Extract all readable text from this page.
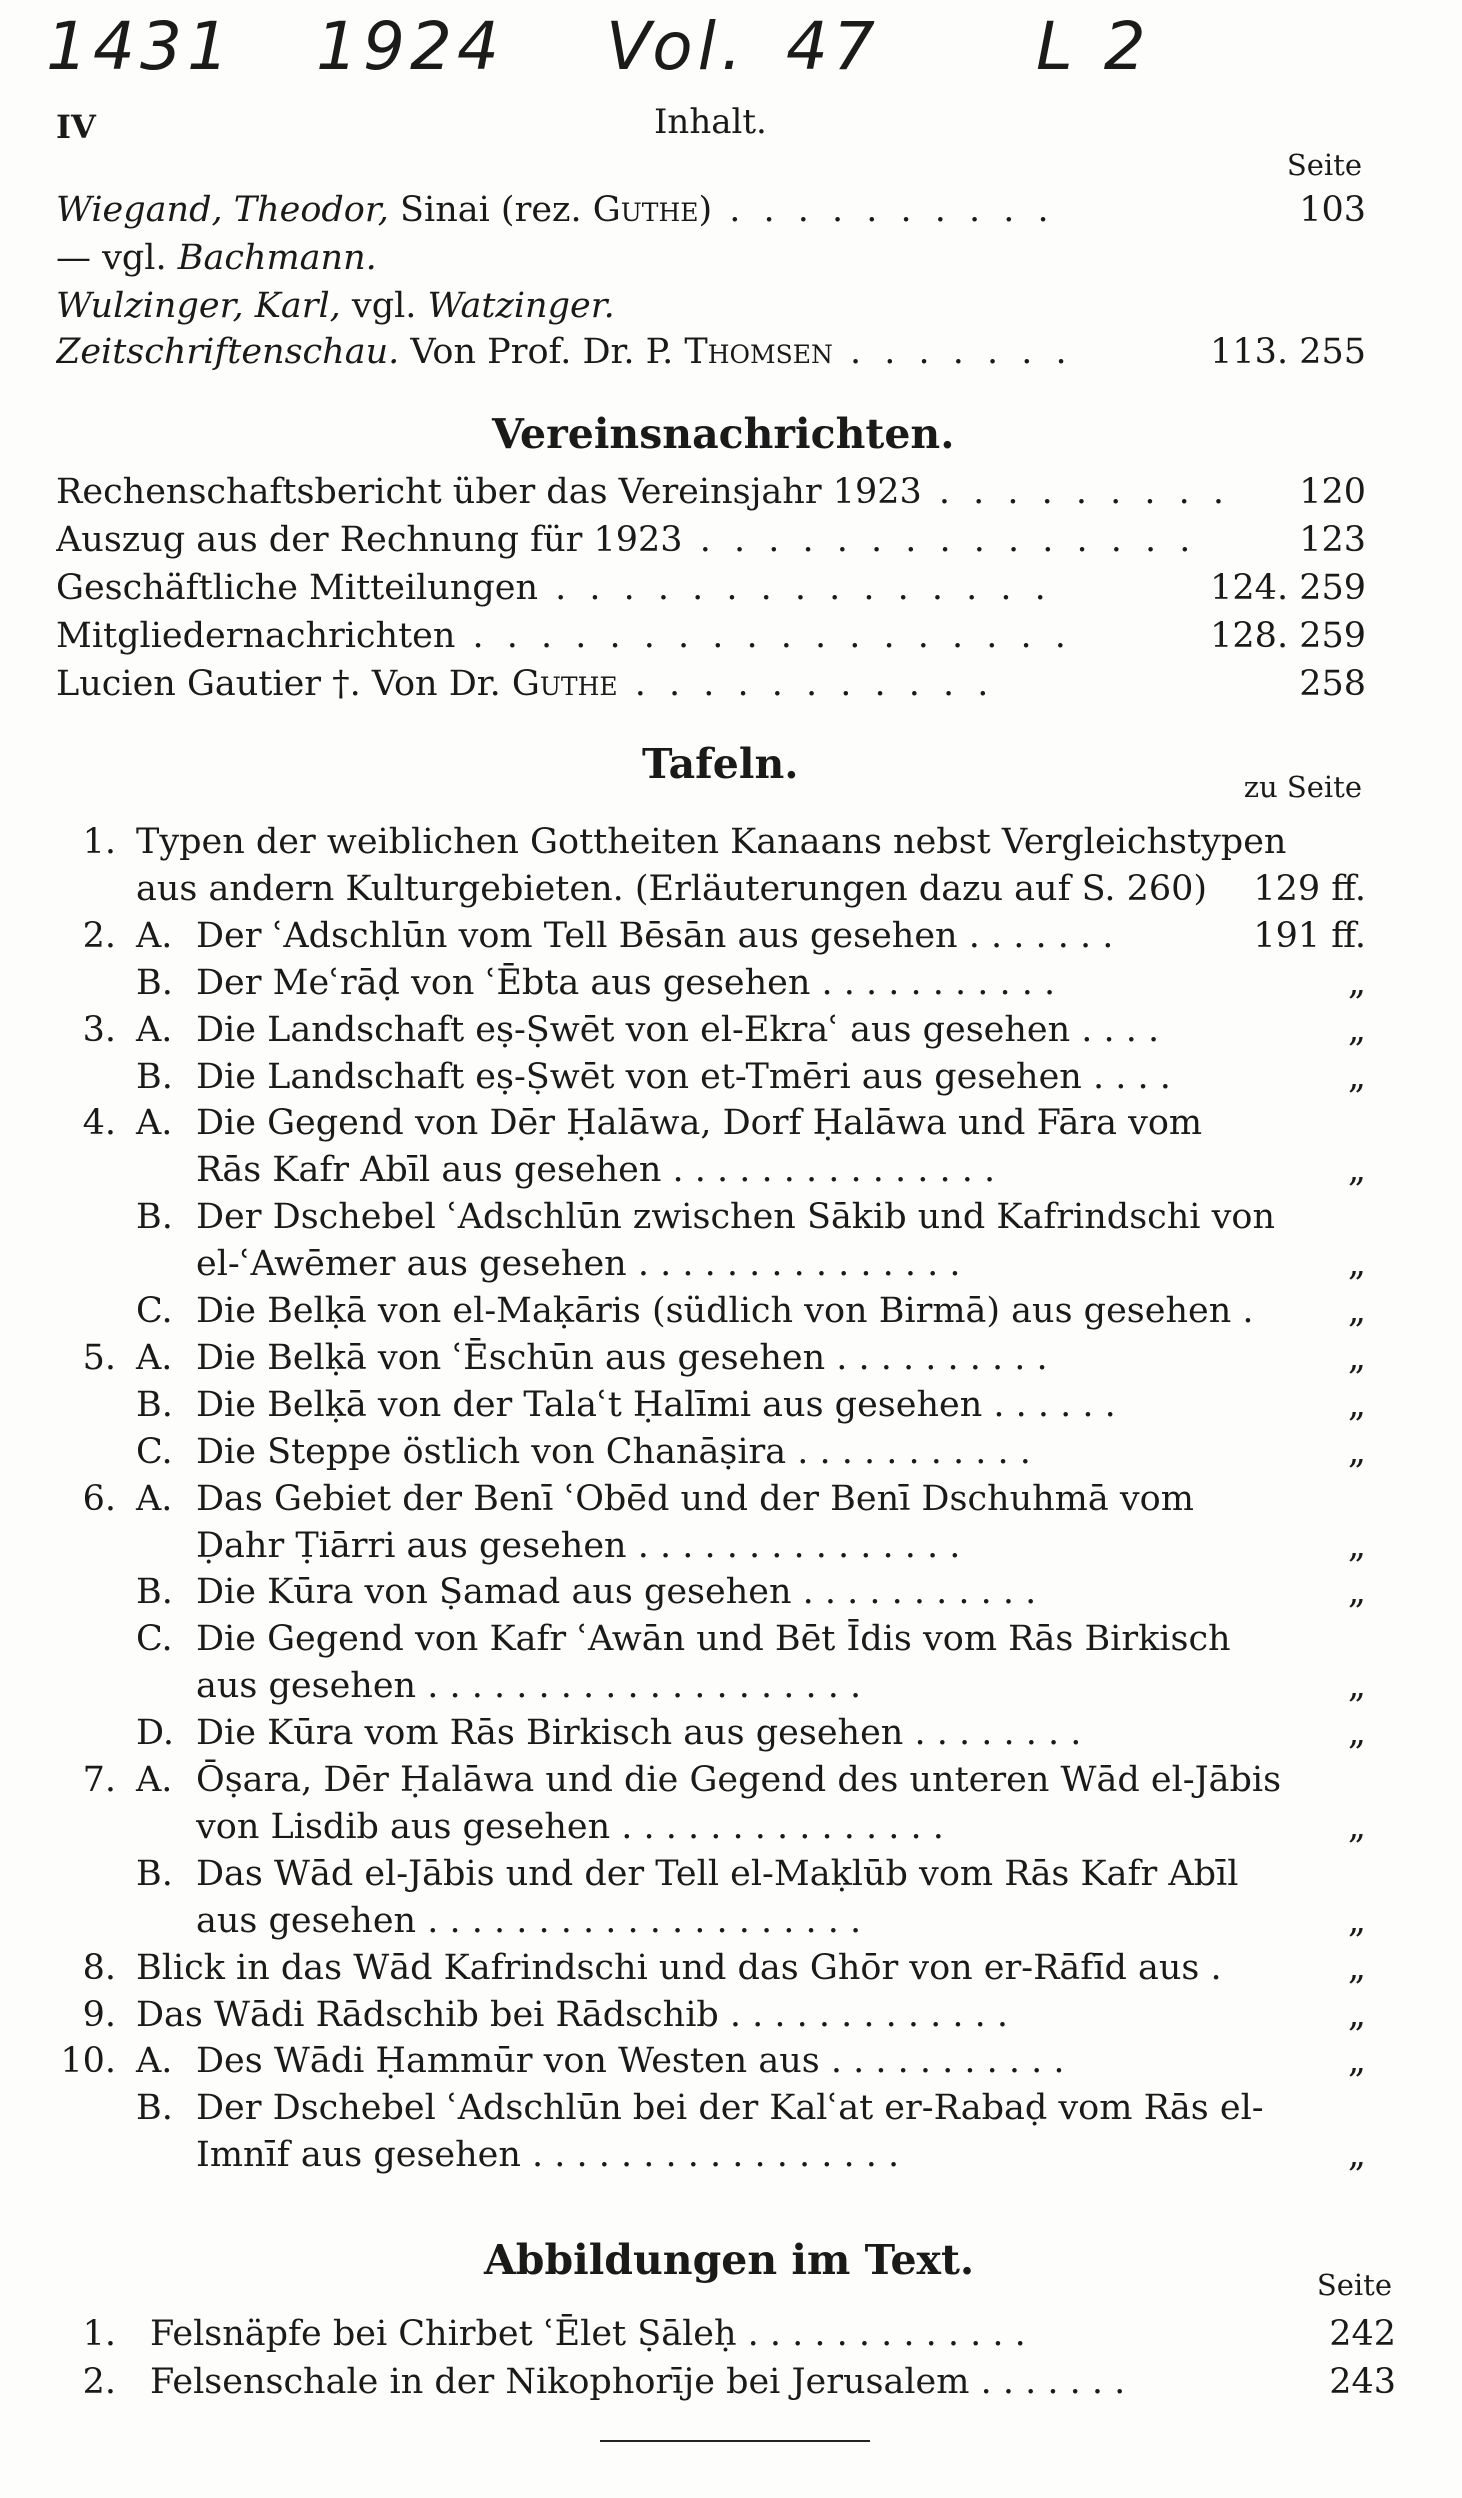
1431 1924 Vol. 47 L 2
IV	Inhalt.
Seite
Wiegand, Theodor, Sinai (rez. Guthe) . . . . . . . . . .	103
— vgl. Bachmann.
Wulzinger, Karl, vgl. Watzinger.
Zeitschriftenschau. Von Prof. Dr. P. Thomsen . . . . . . .	113. 255
Vereinsnachrichten.
Rechenschaftsbericht über das Vereinsjahr 1923 . . . . . . . . . 120
Auszug aus der Rechnung für 1923 . . . . . . . . . . . . . . .	123
Geschäftliche Mitteilungen . . . . . . . . . . . . . . .	124. 259
Mitgliedernachrichten . . . . . . . . . . . . . . . . . .	128. 259
Lucien Gautier †. Von Dr. Guthe . . . . . . . . . . .	258
Tafeln.	zu Seite
1. Typen der weiblichen Gottheiten Kanaans nebst Vergleichstypen
aus andern Kulturgebieten. (Erläuterungen dazu auf S. 260) 129 ff.
2. A. Der ʿAdschlūn vom Tell Bēsān aus gesehen . . . . . . .	191 ff.
B. Der Meʿrāḍ von ʿĒbta aus gesehen . . . . . . . . . . .	„
3. A. Die Landschaft eṣ-Ṣwēt von el-Ekraʿ aus gesehen . . . .	„
B. Die Landschaft eṣ-Ṣwēt von et-Tmēri aus gesehen . . . .	„
4. A. Die Gegend von Dēr Ḥalāwa, Dorf Ḥalāwa und Fāra vom
Rās Kafr Abīl aus gesehen . . . . . . . . . . . . . . .	„
B. Der Dschebel ʿAdschlūn zwischen Sākib und Kafrindschi von
el-ʿAwēmer aus gesehen . . . . . . . . . . . . . . .	„
C. Die Belḳā von el-Maḳāris (südlich von Birmā) aus gesehen .	„
5. A. Die Belḳā von ʿĒschūn aus gesehen . . . . . . . . . .	„
B. Die Belḳā von der Talaʿt Ḥalīmi aus gesehen . . . . . .	„
C. Die Steppe östlich von Chanāṣira . . . . . . . . . . .	„
6. A. Das Gebiet der Benī ʿObēd und der Benī Dschuhmā vom
Ḍahr Ṭiārri aus gesehen . . . . . . . . . . . . . . .	„
B. Die Kūra von Ṣamad aus gesehen . . . . . . . . . . .	„
C. Die Gegend von Kafr ʿAwān und Bēt Īdis vom Rās Birkisch
aus gesehen . . . . . . . . . . . . . . . . . . . .	„
D. Die Kūra vom Rās Birkisch aus gesehen . . . . . . . .	„
7. A. Ōṣara, Dēr Ḥalāwa und die Gegend des unteren Wād el-Jābis
von Lisdib aus gesehen . . . . . . . . . . . . . . .	„
B. Das Wād el-Jābis und der Tell el-Maḳlūb vom Rās Kafr Abīl
aus gesehen . . . . . . . . . . . . . . . . . . . .	„
8. Blick in das Wād Kafrindschi und das Ghōr von er-Rāfīd aus .	„
9. Das Wādi Rādschib bei Rādschib . . . . . . . . . . . . .	„
10. A. Des Wādi Ḥammūr von Westen aus . . . . . . . . . . .	„
B. Der Dschebel ʿAdschlūn bei der Kalʿat er-Rabaḍ vom Rās el-
Imnīf aus gesehen . . . . . . . . . . . . . . . . .	„
Abbildungen im Text.
Seite
1. Felsnäpfe bei Chirbet ʿĒlet Ṣāleḥ . . . . . . . . . . . . .	242
2. Felsenschale in der Nikophorīje bei Jerusalem . . . . . . .	243
